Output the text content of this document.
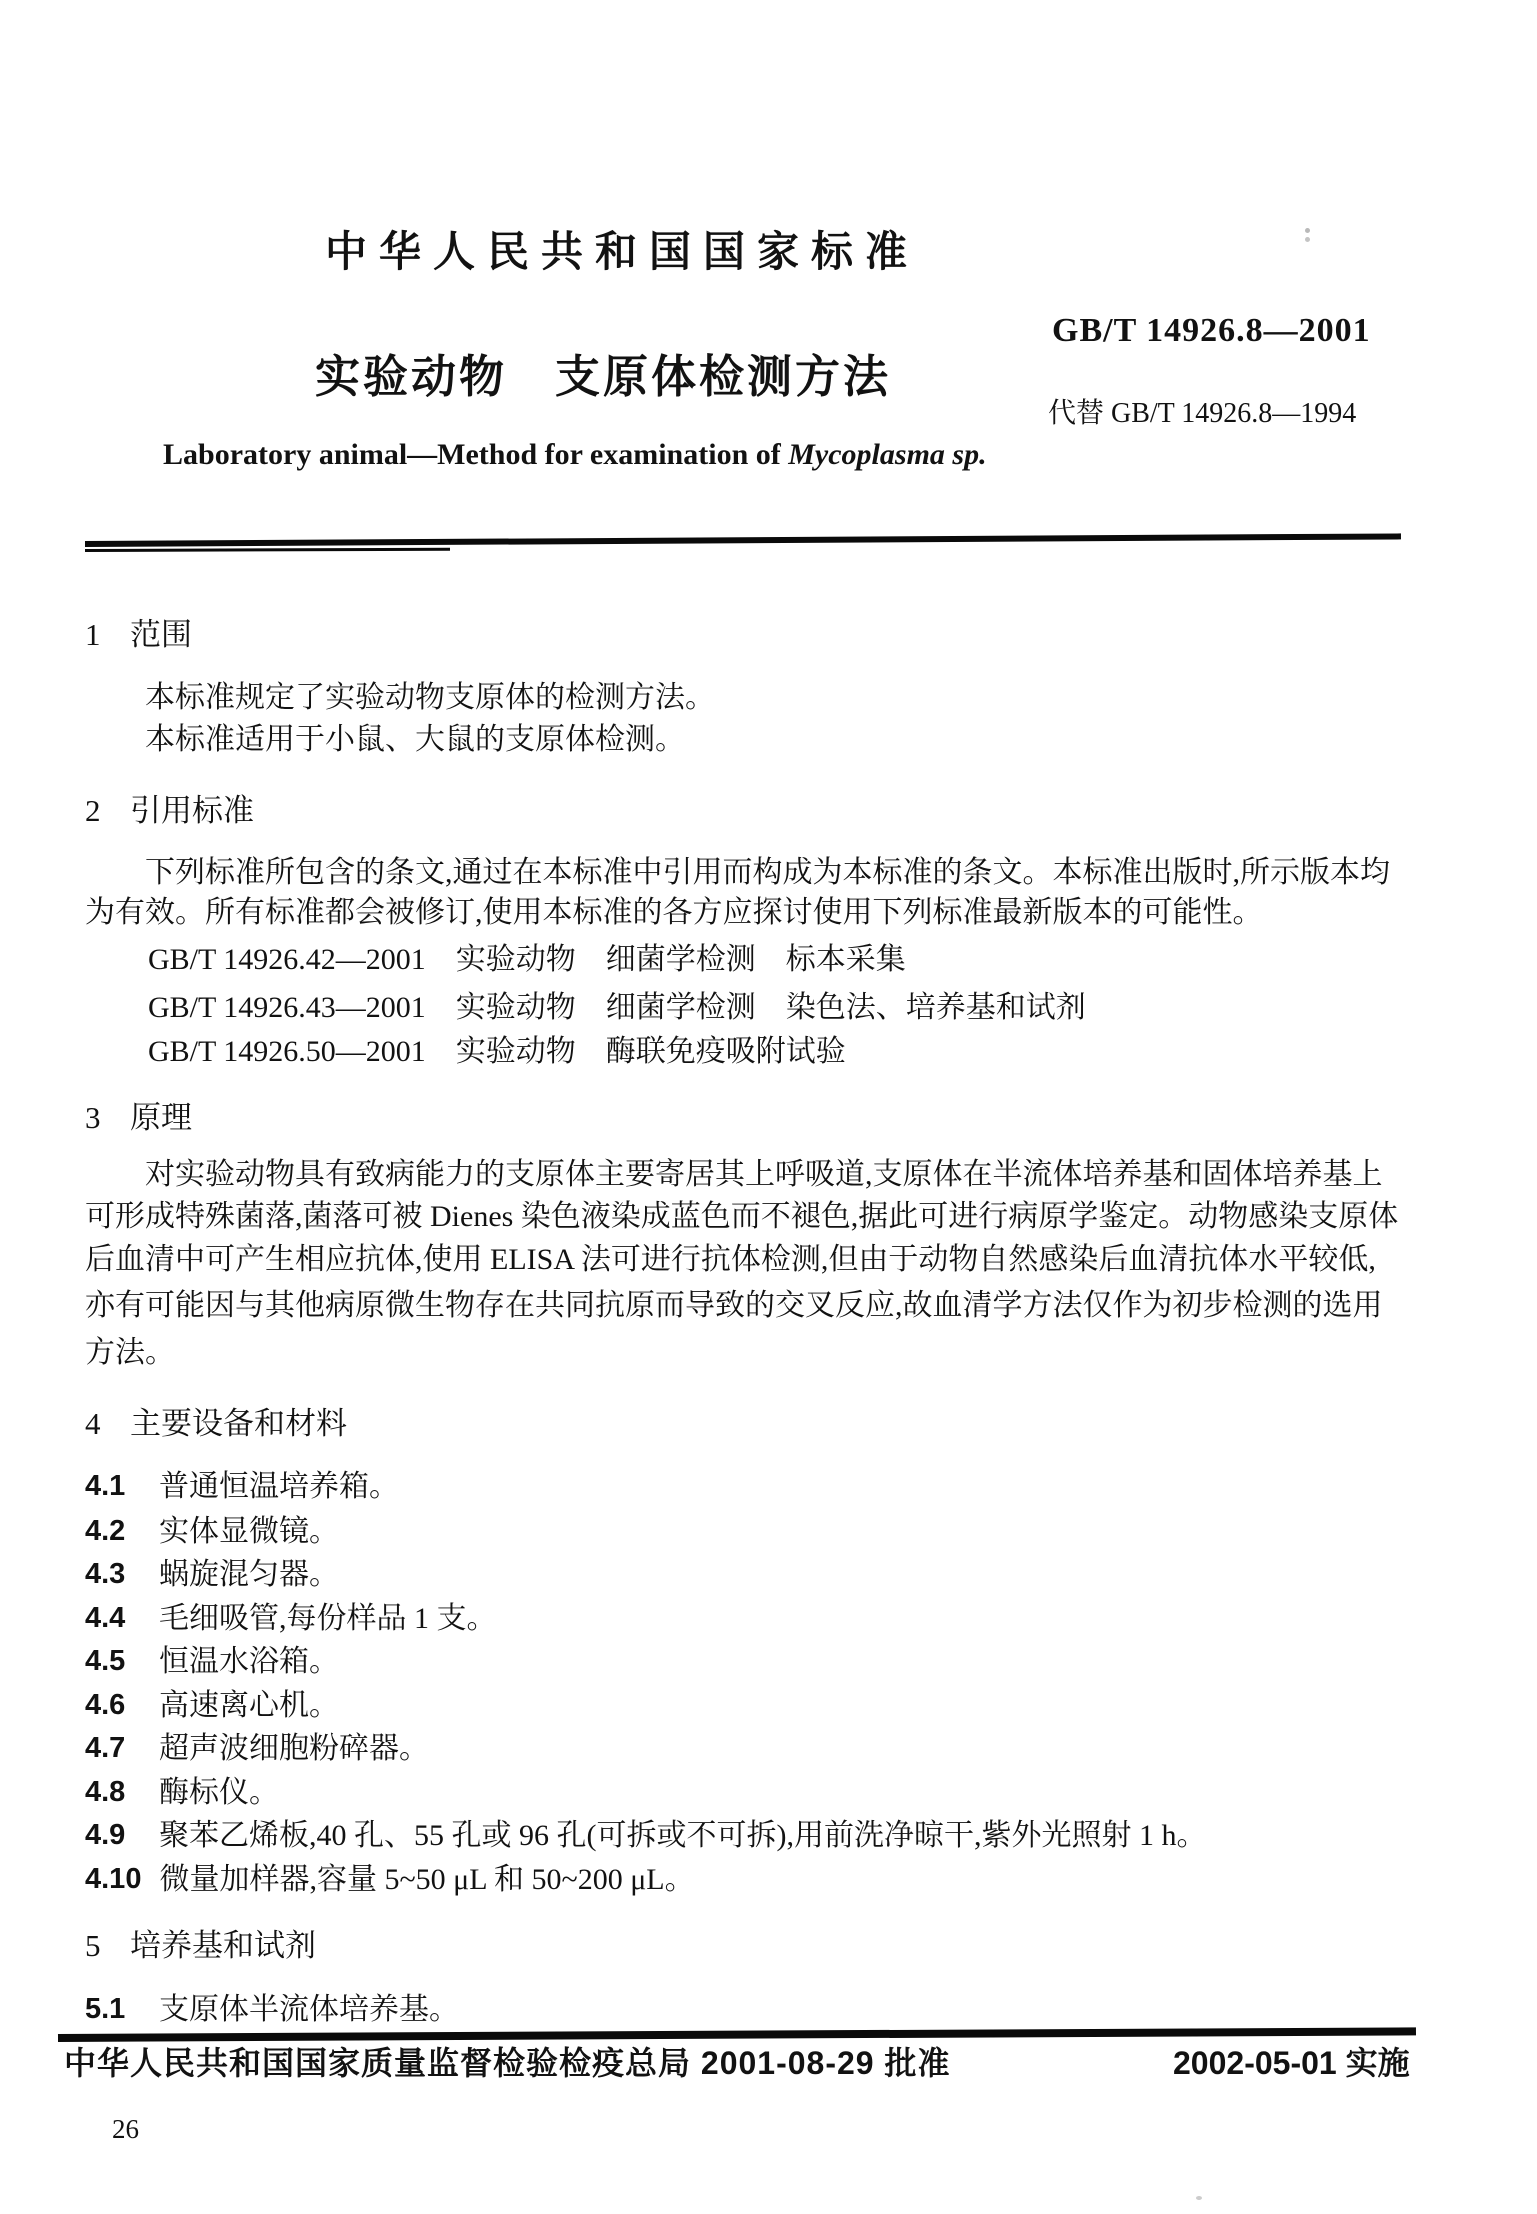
中华人民共和国国家标准
GB/T 14926.8—2001
实验动物　支原体检测方法
代替 GB/T 14926.8—1994
Laboratory animal—Method for examination of Mycoplasma sp.
1 范围
本标准规定了实验动物支原体的检测方法。
本标准适用于小鼠、大鼠的支原体检测。
2 引用标准
下列标准所包含的条文,通过在本标准中引用而构成为本标准的条文。本标准出版时,所示版本均
为有效。所有标准都会被修订,使用本标准的各方应探讨使用下列标准最新版本的可能性。
GB/T 14926.42—2001　实验动物　细菌学检测　标本采集
GB/T 14926.43—2001　实验动物　细菌学检测　染色法、培养基和试剂
GB/T 14926.50—2001　实验动物　酶联免疫吸附试验
3 原理
对实验动物具有致病能力的支原体主要寄居其上呼吸道,支原体在半流体培养基和固体培养基上
可形成特殊菌落,菌落可被 Dienes 染色液染成蓝色而不褪色,据此可进行病原学鉴定。动物感染支原体
后血清中可产生相应抗体,使用 ELISA 法可进行抗体检测,但由于动物自然感染后血清抗体水平较低,
亦有可能因与其他病原微生物存在共同抗原而导致的交叉反应,故血清学方法仅作为初步检测的选用
方法。
4 主要设备和材料
4.1	普通恒温培养箱。
4.2	实体显微镜。
4.3	蜗旋混匀器。
4.4	毛细吸管,每份样品 1 支。
4.5	恒温水浴箱。
4.6	高速离心机。
4.7	超声波细胞粉碎器。
4.8	酶标仪。
4.9	聚苯乙烯板,40 孔、55 孔或 96 孔(可拆或不可拆),用前洗净晾干,紫外光照射 1 h。
4.10 微量加样器,容量 5~50 μL 和 50~200 μL。
5 培养基和试剂
5.1	支原体半流体培养基。
中华人民共和国国家质量监督检验检疫总局 2001-08-29 批准	2002-05-01 实施
26
